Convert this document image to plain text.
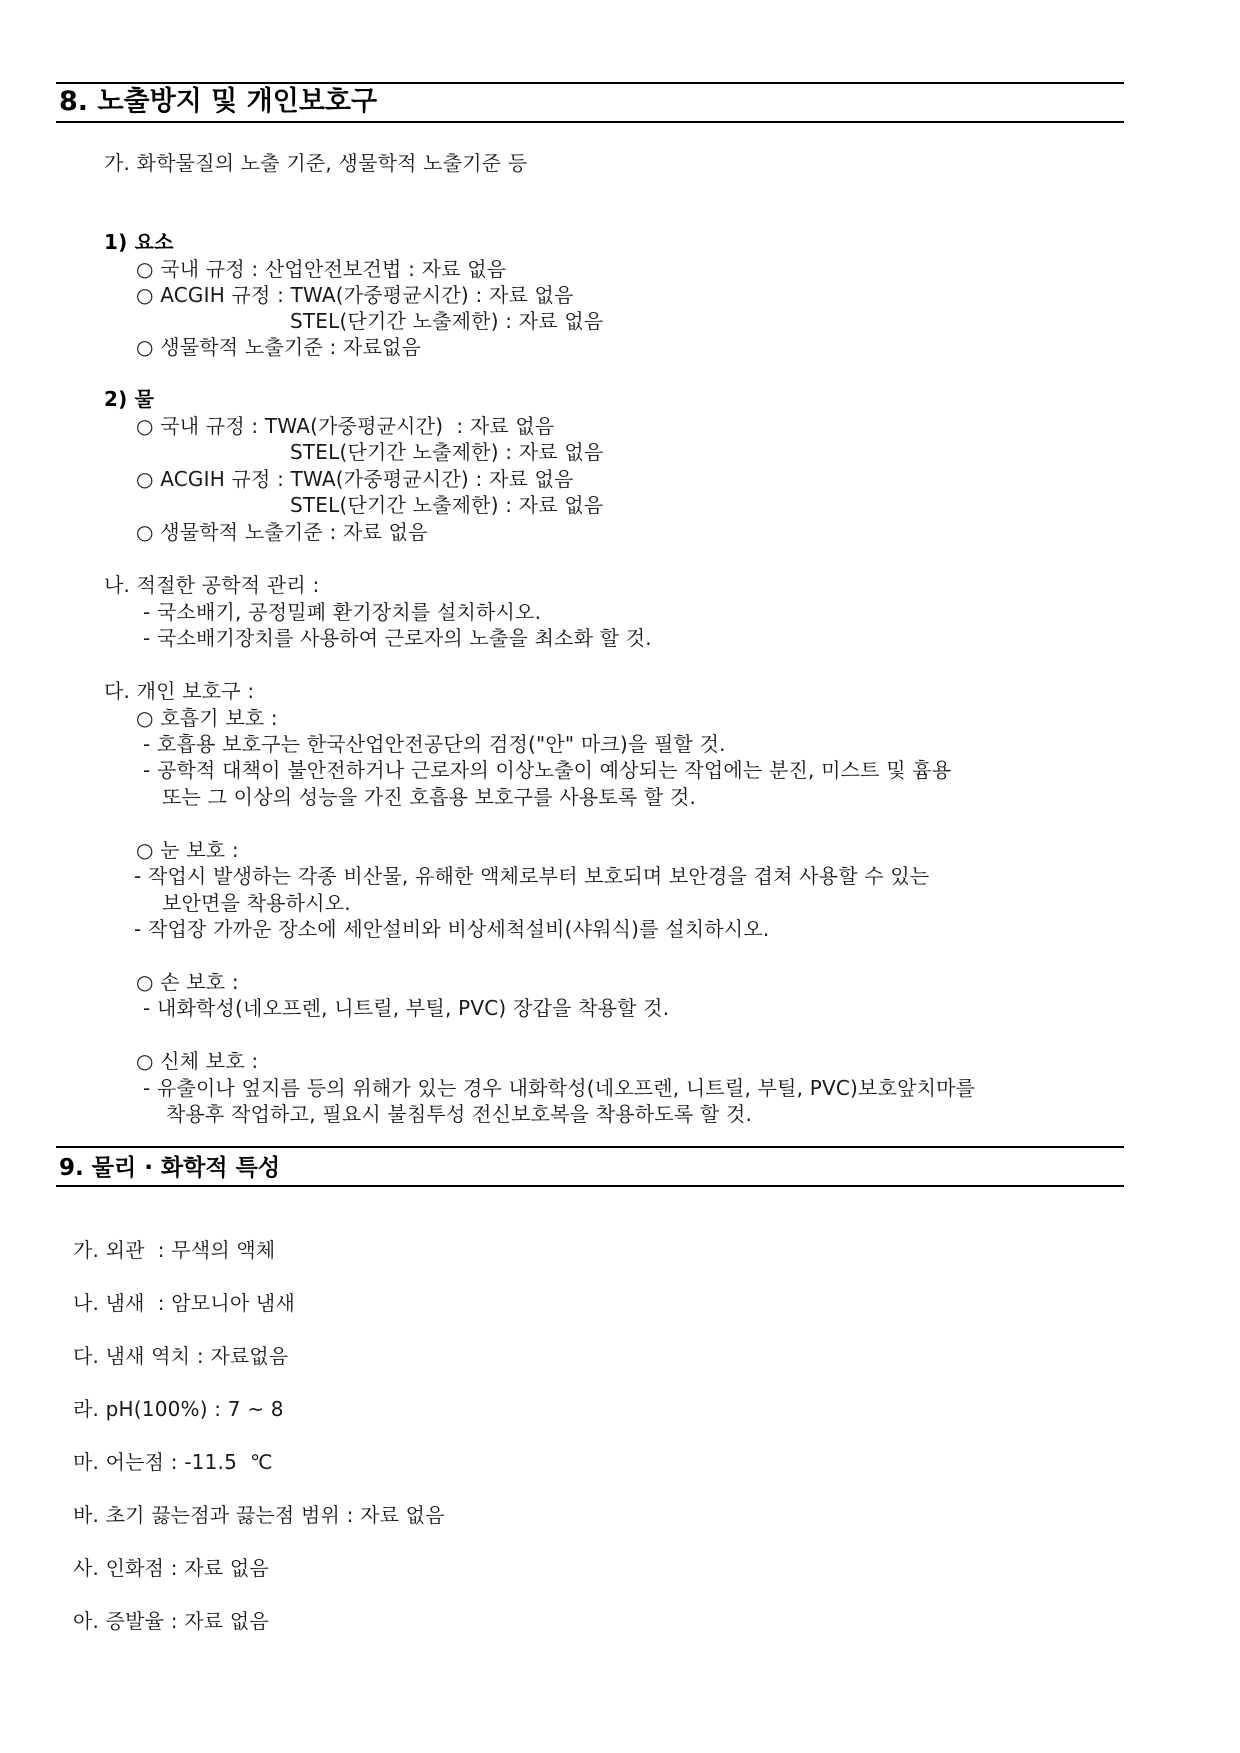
8. 노출방지 및 개인보호구
가. 화학물질의 노출 기준, 생물학적 노출기준 등
1) 요소
○ 국내 규정 : 산업안전보건법 : 자료 없음
○ ACGIH 규정 : TWA(가중평균시간) : 자료 없음
STEL(단기간 노출제한) : 자료 없음
○ 생물학적 노출기준 : 자료없음
2) 물
○ 국내 규정 : TWA(가중평균시간)  : 자료 없음
STEL(단기간 노출제한) : 자료 없음
○ ACGIH 규정 : TWA(가중평균시간) : 자료 없음
STEL(단기간 노출제한) : 자료 없음
○ 생물학적 노출기준 : 자료 없음
나. 적절한 공학적 관리 :
- 국소배기, 공정밀폐 환기장치를 설치하시오.
- 국소배기장치를 사용하여 근로자의 노출을 최소화 할 것.
다. 개인 보호구 :
○ 호흡기 보호 :
- 호흡용 보호구는 한국산업안전공단의 검정("안" 마크)을 필할 것.
- 공학적 대책이 불안전하거나 근로자의 이상노출이 예상되는 작업에는 분진, 미스트 및 흄용
또는 그 이상의 성능을 가진 호흡용 보호구를 사용토록 할 것.
○ 눈 보호 :
- 작업시 발생하는 각종 비산물, 유해한 액체로부터 보호되며 보안경을 겹쳐 사용할 수 있는
보안면을 착용하시오.
- 작업장 가까운 장소에 세안설비와 비상세척설비(샤워식)를 설치하시오.
○ 손 보호 :
- 내화학성(네오프렌, 니트릴, 부틸, PVC) 장갑을 착용할 것.
○ 신체 보호 :
- 유출이나 엎지름 등의 위해가 있는 경우 내화학성(네오프렌, 니트릴, 부틸, PVC)보호앞치마를
착용후 작업하고, 필요시 불침투성 전신보호복을 착용하도록 할 것.
9. 물리 · 화학적 특성
가. 외관  : 무색의 액체
나. 냄새  : 암모니아 냄새
다. 냄새 역치 : 자료없음
라. pH(100%) : 7 ~ 8
마. 어는점 : -11.5  ℃
바. 초기 끓는점과 끓는점 범위 : 자료 없음
사. 인화점 : 자료 없음
아. 증발율 : 자료 없음
